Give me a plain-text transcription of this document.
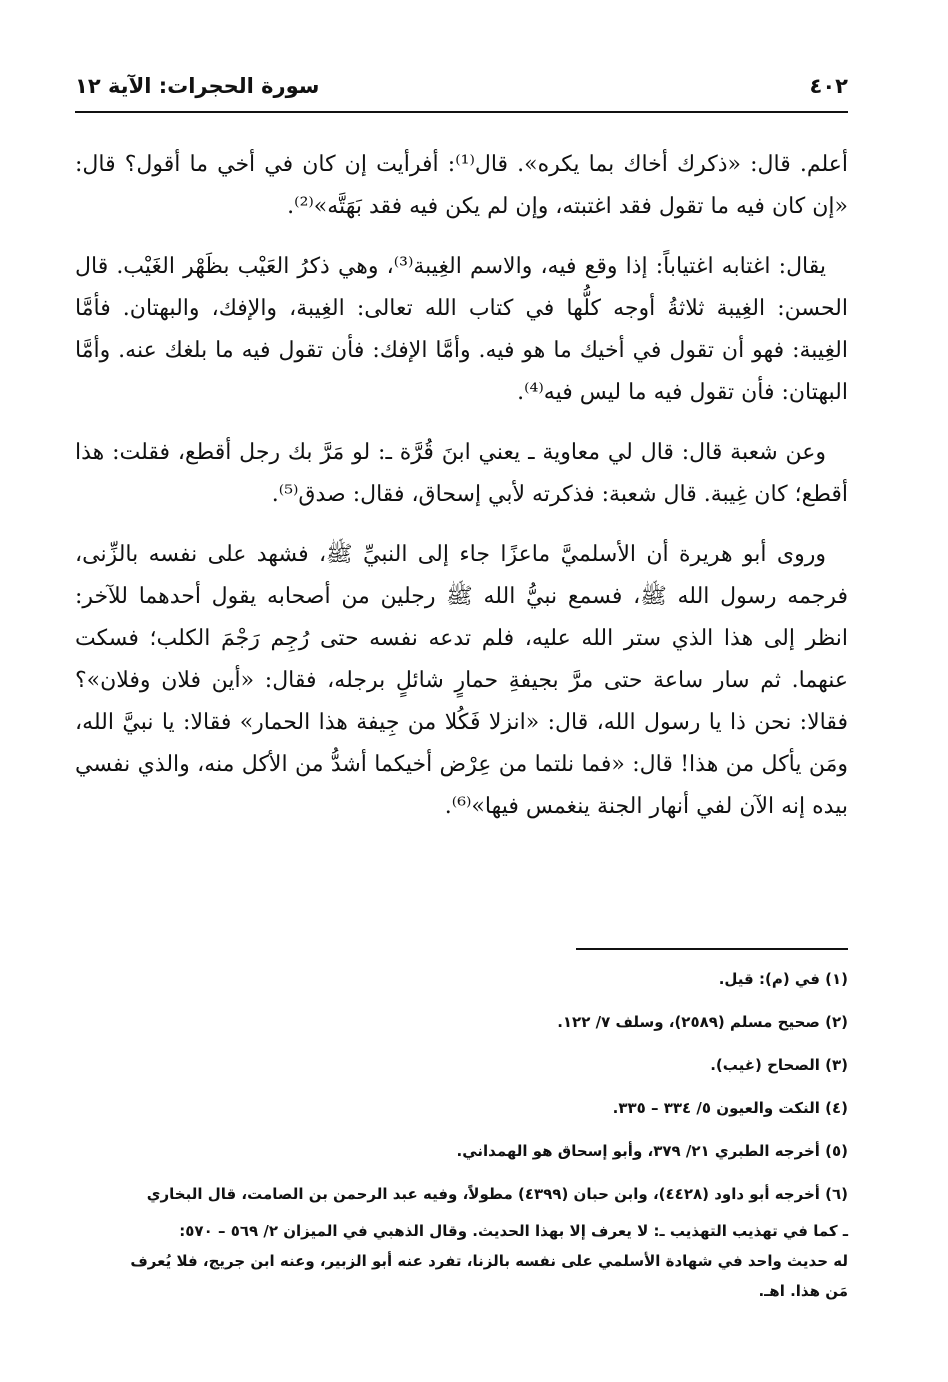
٤٠٢
سورة الحجرات: الآية ١٢

أعلم. قال: «ذكرك أخاك بما يكره». قال⁽¹⁾: أفرأيت إن كان في أخي ما أقول؟ قال: «إن كان فيه ما تقول فقد اغتبته، وإن لم يكن فيه فقد بَهَتَّه»⁽²⁾.

يقال: اغتابه اغتياباً: إذا وقع فيه، والاسم الغِيبة⁽³⁾، وهي ذكرُ العَيْب بظَهْر الغَيْب. قال الحسن: الغِيبة ثلاثةُ أوجه كلُّها في كتاب الله تعالى: الغِيبة، والإفك، والبهتان. فأمَّا الغِيبة: فهو أن تقول في أخيك ما هو فيه. وأمَّا الإفك: فأن تقول فيه ما بلغك عنه. وأمَّا البهتان: فأن تقول فيه ما ليس فيه⁽⁴⁾.

وعن شعبة قال: قال لي معاوية ـ يعني ابنَ قُرَّة ـ: لو مَرَّ بك رجل أقطع، فقلت: هذا أقطع؛ كان غِيبة. قال شعبة: فذكرته لأبي إسحاق، فقال: صدق⁽⁵⁾.

وروى أبو هريرة أن الأسلميَّ ماعزًا جاء إلى النبيِّ ﷺ، فشهد على نفسه بالزِّنى، فرجمه رسول الله ﷺ، فسمع نبيُّ الله ﷺ رجلين من أصحابه يقول أحدهما للآخر: انظر إلى هذا الذي ستر الله عليه، فلم تدعه نفسه حتى رُجِم رَجْمَ الكلب؛ فسكت عنهما. ثم سار ساعة حتى مرَّ بجيفةِ حمارٍ شائلٍ برجله، فقال: «أين فلان وفلان»؟ فقالا: نحن ذا يا رسول الله، قال: «انزلا فَكُلا من جِيفة هذا الحمار» فقالا: يا نبيَّ الله، ومَن يأكل من هذا! قال: «فما نلتما من عِرْض أخيكما أشدُّ من الأكل منه، والذي نفسي بيده إنه الآن لفي أنهار الجنة ينغمس فيها»⁽⁶⁾.

(١) في (م): قيل.

(٢) صحيح مسلم (٢٥٨٩)، وسلف ٧/ ١٢٢.

(٣) الصحاح (غيب).

(٤) النكت والعيون ٥/ ٣٣٤ – ٣٣٥.

(٥) أخرجه الطبري ٢١/ ٣٧٩، وأبو إسحاق هو الهمداني.

(٦) أخرجه أبو داود (٤٤٢٨)، وابن حبان (٤٣٩٩) مطولاً، وفيه عبد الرحمن بن الصامت، قال البخاري

ـ كما في تهذيب التهذيب ـ: لا يعرف إلا بهذا الحديث. وقال الذهبي في الميزان ٢/ ٥٦٩ – ٥٧٠:

له حديث واحد في شهادة الأسلمي على نفسه بالزنا، تفرد عنه أبو الزبير، وعنه ابن جريج، فلا يُعرف

مَن هذا. اهـ.
